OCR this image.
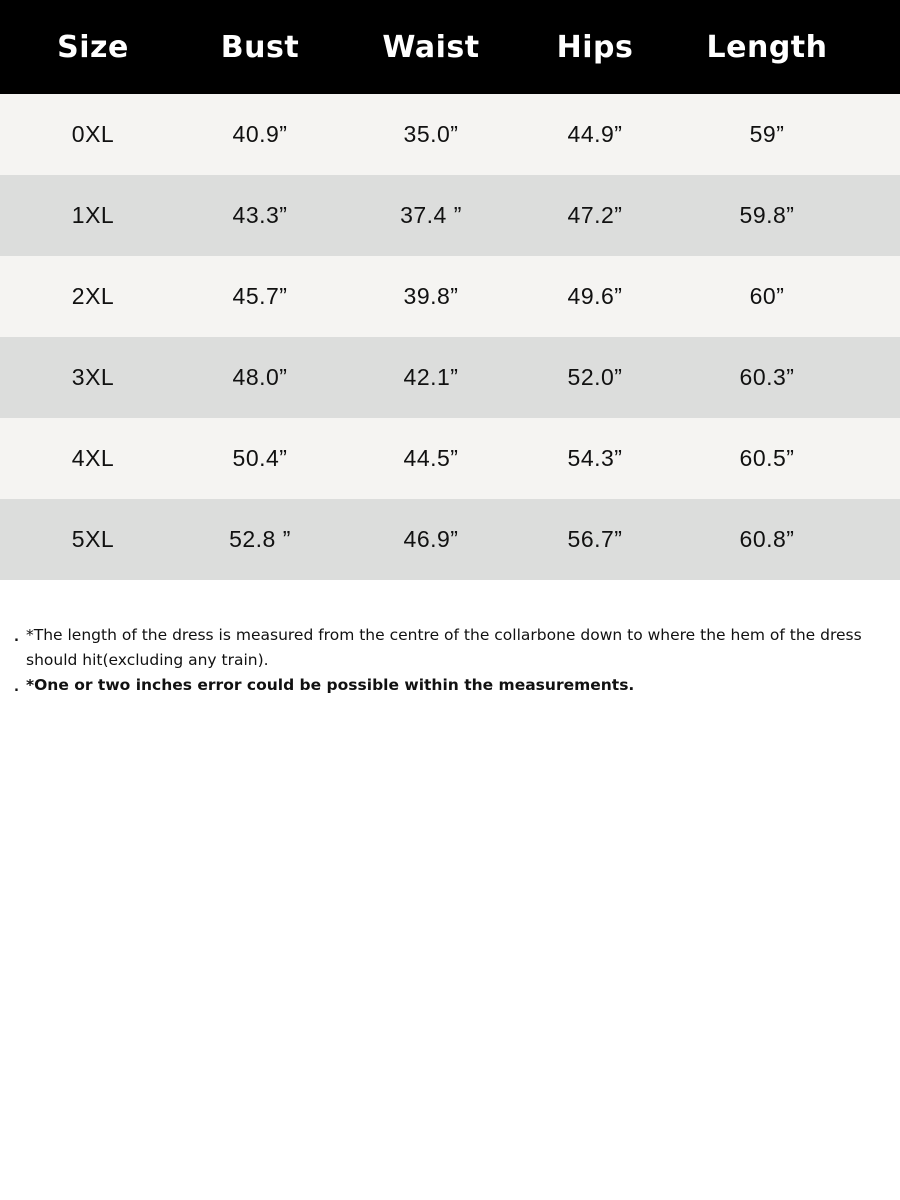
Size	Bust	Waist	Hips	Length
0XL	40.9”	35.0”	44.9”	59”
1XL	43.3”	37.4 ”	47.2”	59.8”
2XL	45.7”	39.8”	49.6”	60”
3XL	48.0”	42.1”	52.0”	60.3”
4XL	50.4”	44.5”	54.3”	60.5”
5XL	52.8 ”	46.9”	56.7”	60.8”
. *The length of the dress is measured from the centre of the collarbone down to where the hem of the dress should hit(excluding any train).
. *One or two inches error could be possible within the measurements.
